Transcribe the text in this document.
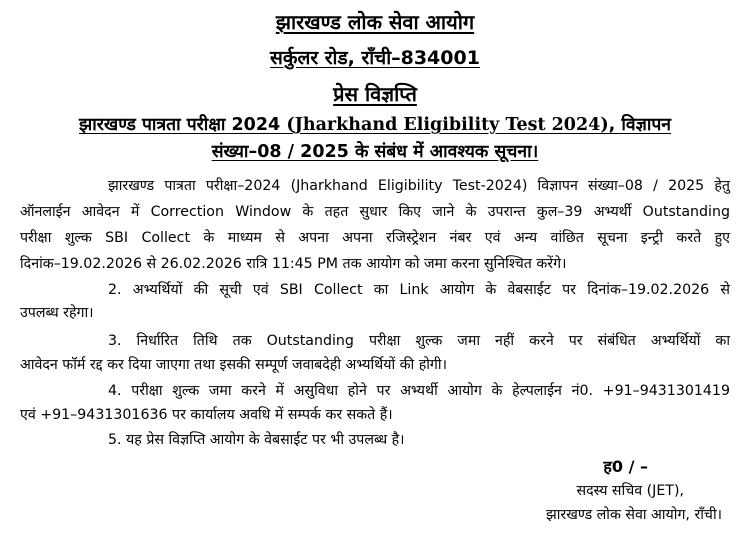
झारखण्ड लोक सेवा आयोग
सर्कुलर रोड, राँची–834001
प्रेस विज्ञप्ति
झारखण्ड पात्रता परीक्षा 2024 (Jharkhand Eligibility Test 2024), विज्ञापन
संख्या–08 / 2025 के संबंध में आवश्यक सूचना।
झारखण्ड पात्रता परीक्षा–2024 (Jharkhand Eligibility Test-2024) विज्ञापन संख्या–08 / 2025 हेतु
ऑनलाईन आवेदन में Correction Window के तहत सुधार किए जाने के उपरान्त कुल–39 अभ्यर्थी Outstanding
परीक्षा शुल्क SBI Collect के माध्यम से अपना अपना रजिस्ट्रेशन नंबर एवं अन्य वांछित सूचना इन्ट्री करते हुए
दिनांक–19.02.2026 से 26.02.2026 रात्रि 11:45 PM तक आयोग को जमा करना सुनिश्चित करेंगे।
2. अभ्यर्थियों की सूची एवं SBI Collect का Link आयोग के वेबसाईट पर दिनांक–19.02.2026 से
उपलब्ध रहेगा।
3. निर्धारित तिथि तक Outstanding परीक्षा शुल्क जमा नहीं करने पर संबंधित अभ्यर्थियों का
आवेदन फॉर्म रद्द कर दिया जाएगा तथा इसकी सम्पूर्ण जवाबदेही अभ्यर्थियों की होगी।
4. परीक्षा शुल्क जमा करने में असुविधा होने पर अभ्यर्थी आयोग के हेल्पलाईन नं0. +91–9431301419
एवं +91–9431301636 पर कार्यालय अवधि में सम्पर्क कर सकते हैं।
5. यह प्रेस विज्ञप्ति आयोग के वेबसाईट पर भी उपलब्ध है।
ह0 / –
सदस्य सचिव (JET),
झारखण्ड लोक सेवा आयोग, राँची।
